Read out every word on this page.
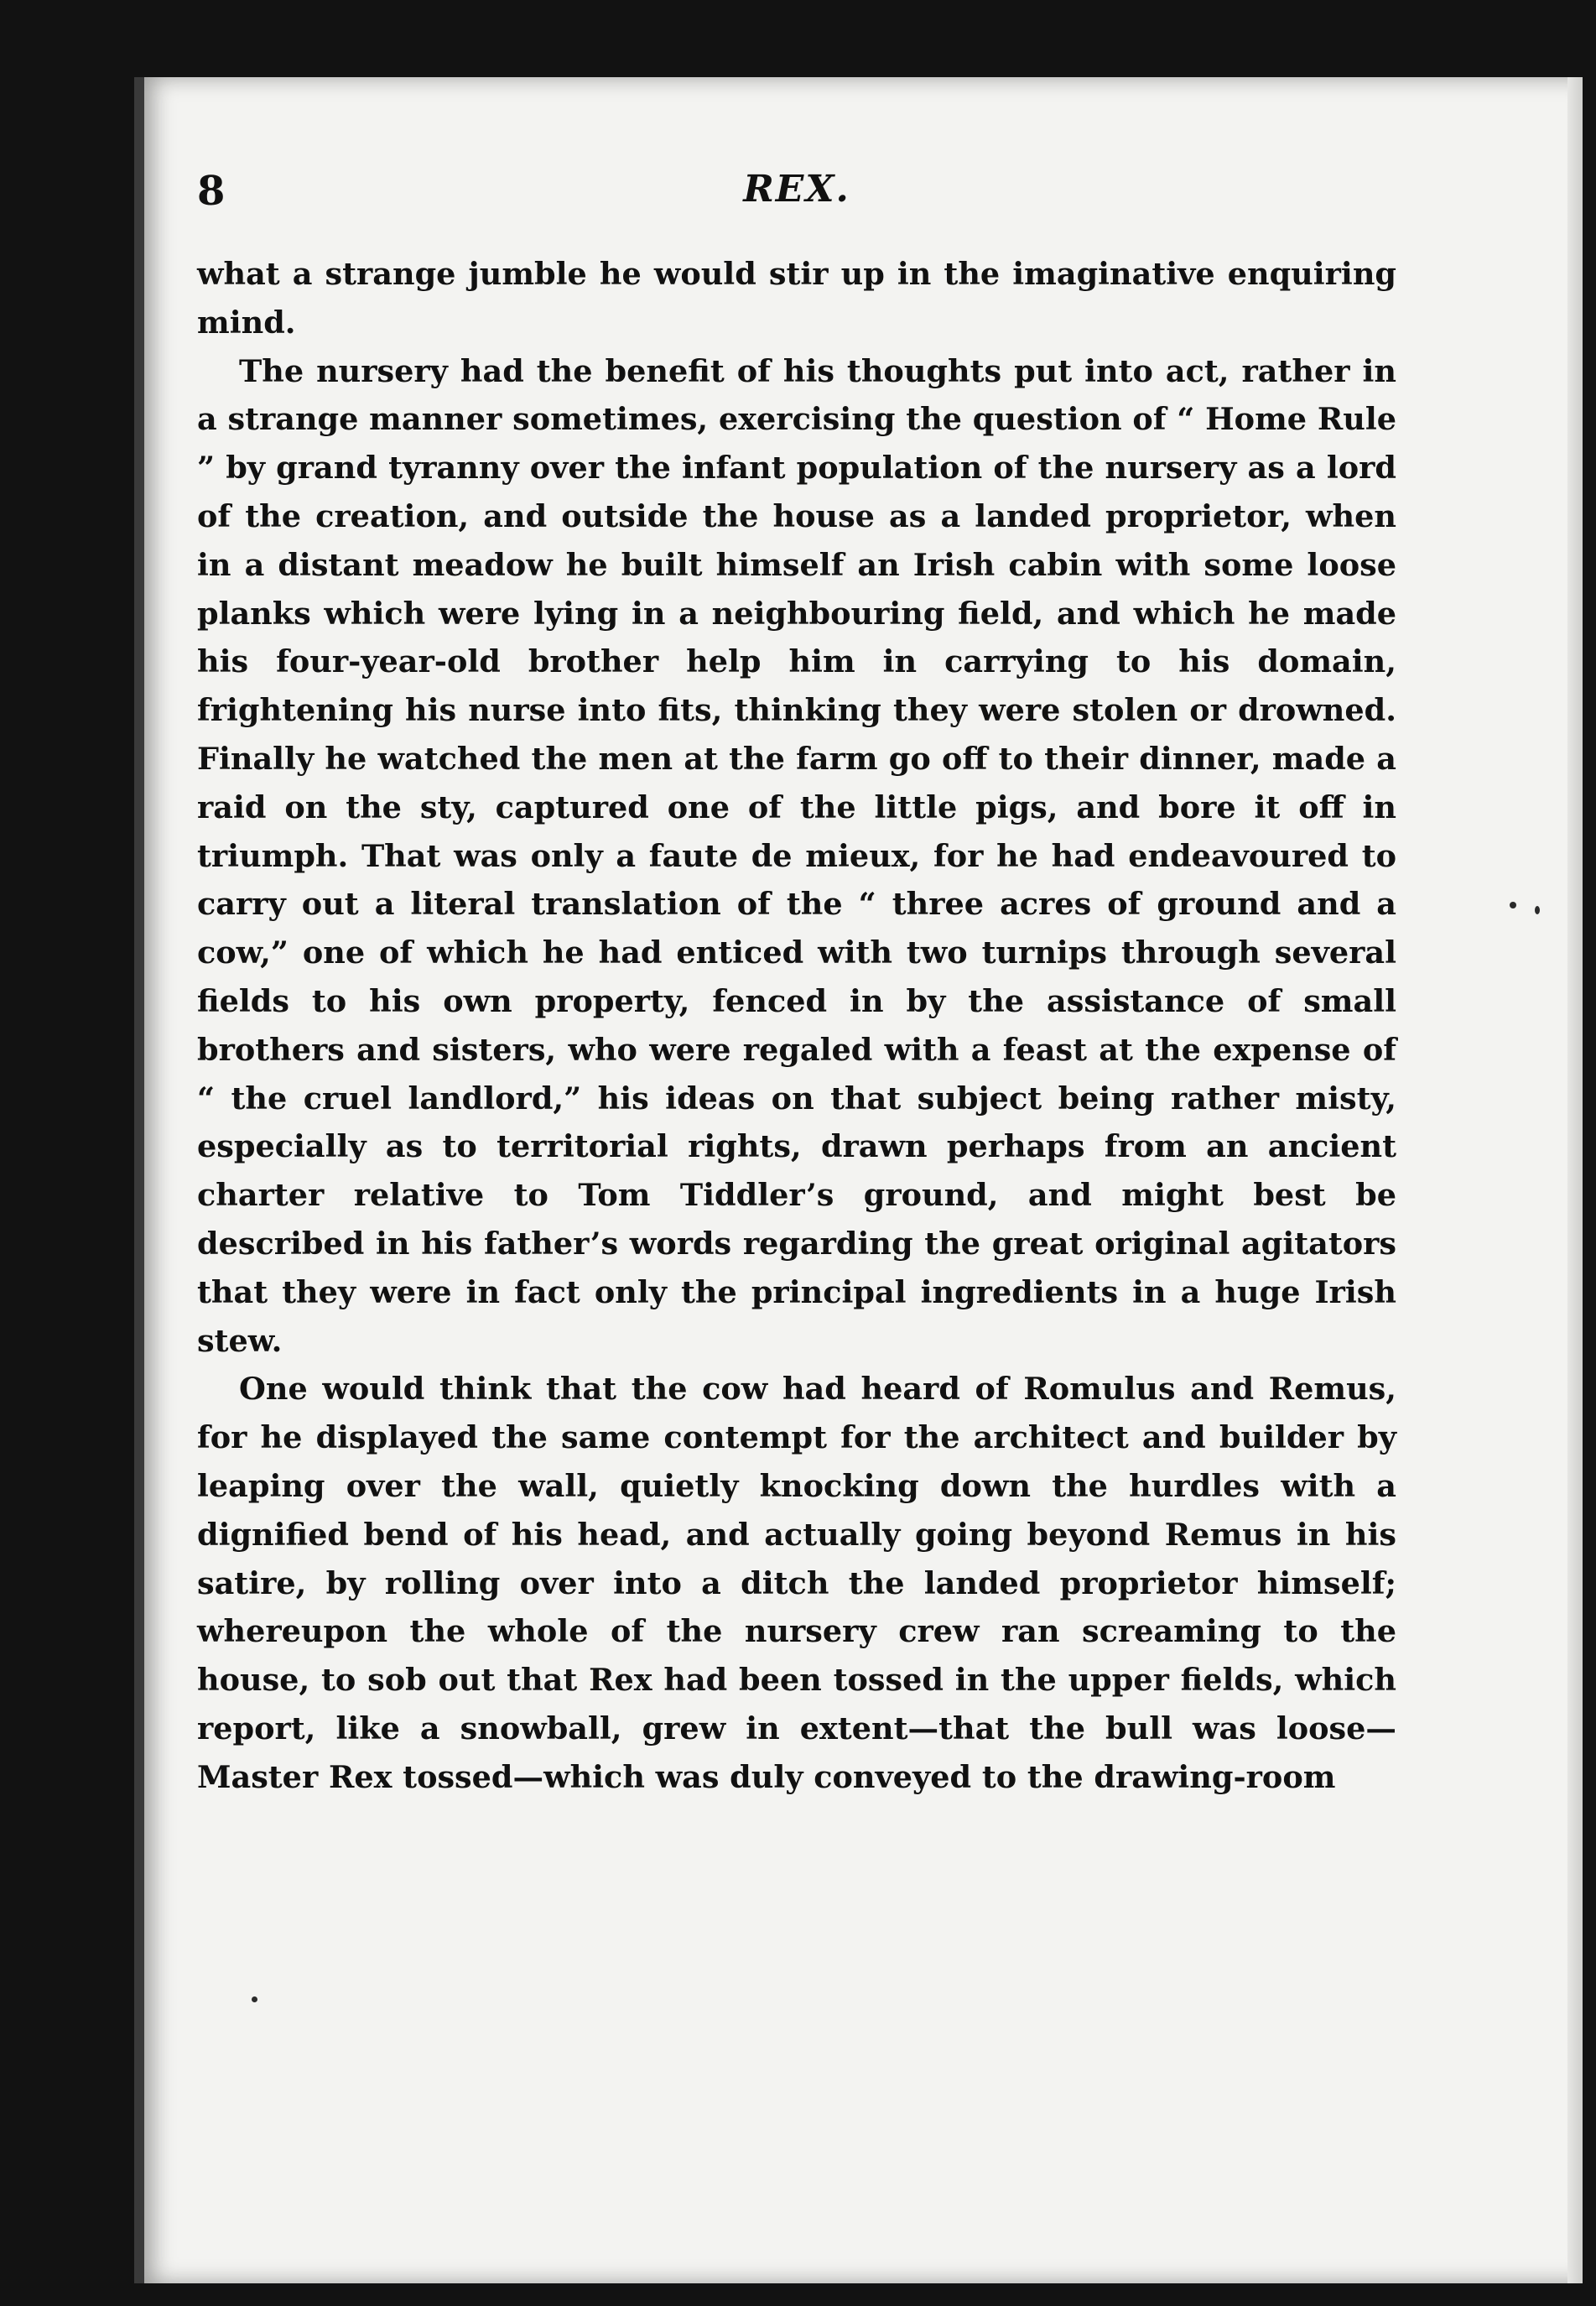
8	REX.

what a strange jumble he would stir up in the imaginative enquiring mind.

The nursery had the benefit of his thoughts put into act, rather in a strange manner sometimes, exercising the question of “ Home Rule ” by grand tyranny over the infant population of the nursery as a lord of the creation, and outside the house as a landed proprietor, when in a distant meadow he built himself an Irish cabin with some loose planks which were lying in a neighbouring field, and which he made his four-year-old brother help him in carrying to his domain, frightening his nurse into fits, thinking they were stolen or drowned. Finally he watched the men at the farm go off to their dinner, made a raid on the sty, captured one of the little pigs, and bore it off in triumph. That was only a faute de mieux, for he had endeavoured to carry out a literal translation of the “ three acres of ground and a cow,” one of which he had enticed with two turnips through several fields to his own property, fenced in by the assistance of small brothers and sisters, who were regaled with a feast at the expense of “ the cruel landlord,” his ideas on that subject being rather misty, especially as to territorial rights, drawn perhaps from an ancient charter relative to Tom Tiddler’s ground, and might best be described in his father’s words regarding the great original agitators that they were in fact only the principal ingredients in a huge Irish stew.

One would think that the cow had heard of Romulus and Remus, for he displayed the same contempt for the architect and builder by leaping over the wall, quietly knocking down the hurdles with a dignified bend of his head, and actually going beyond Remus in his satire, by rolling over into a ditch the landed proprietor himself; whereupon the whole of the nursery crew ran screaming to the house, to sob out that Rex had been tossed in the upper fields, which report, like a snowball, grew in extent—that the bull was loose—Master Rex tossed—which was duly conveyed to the drawing-room
